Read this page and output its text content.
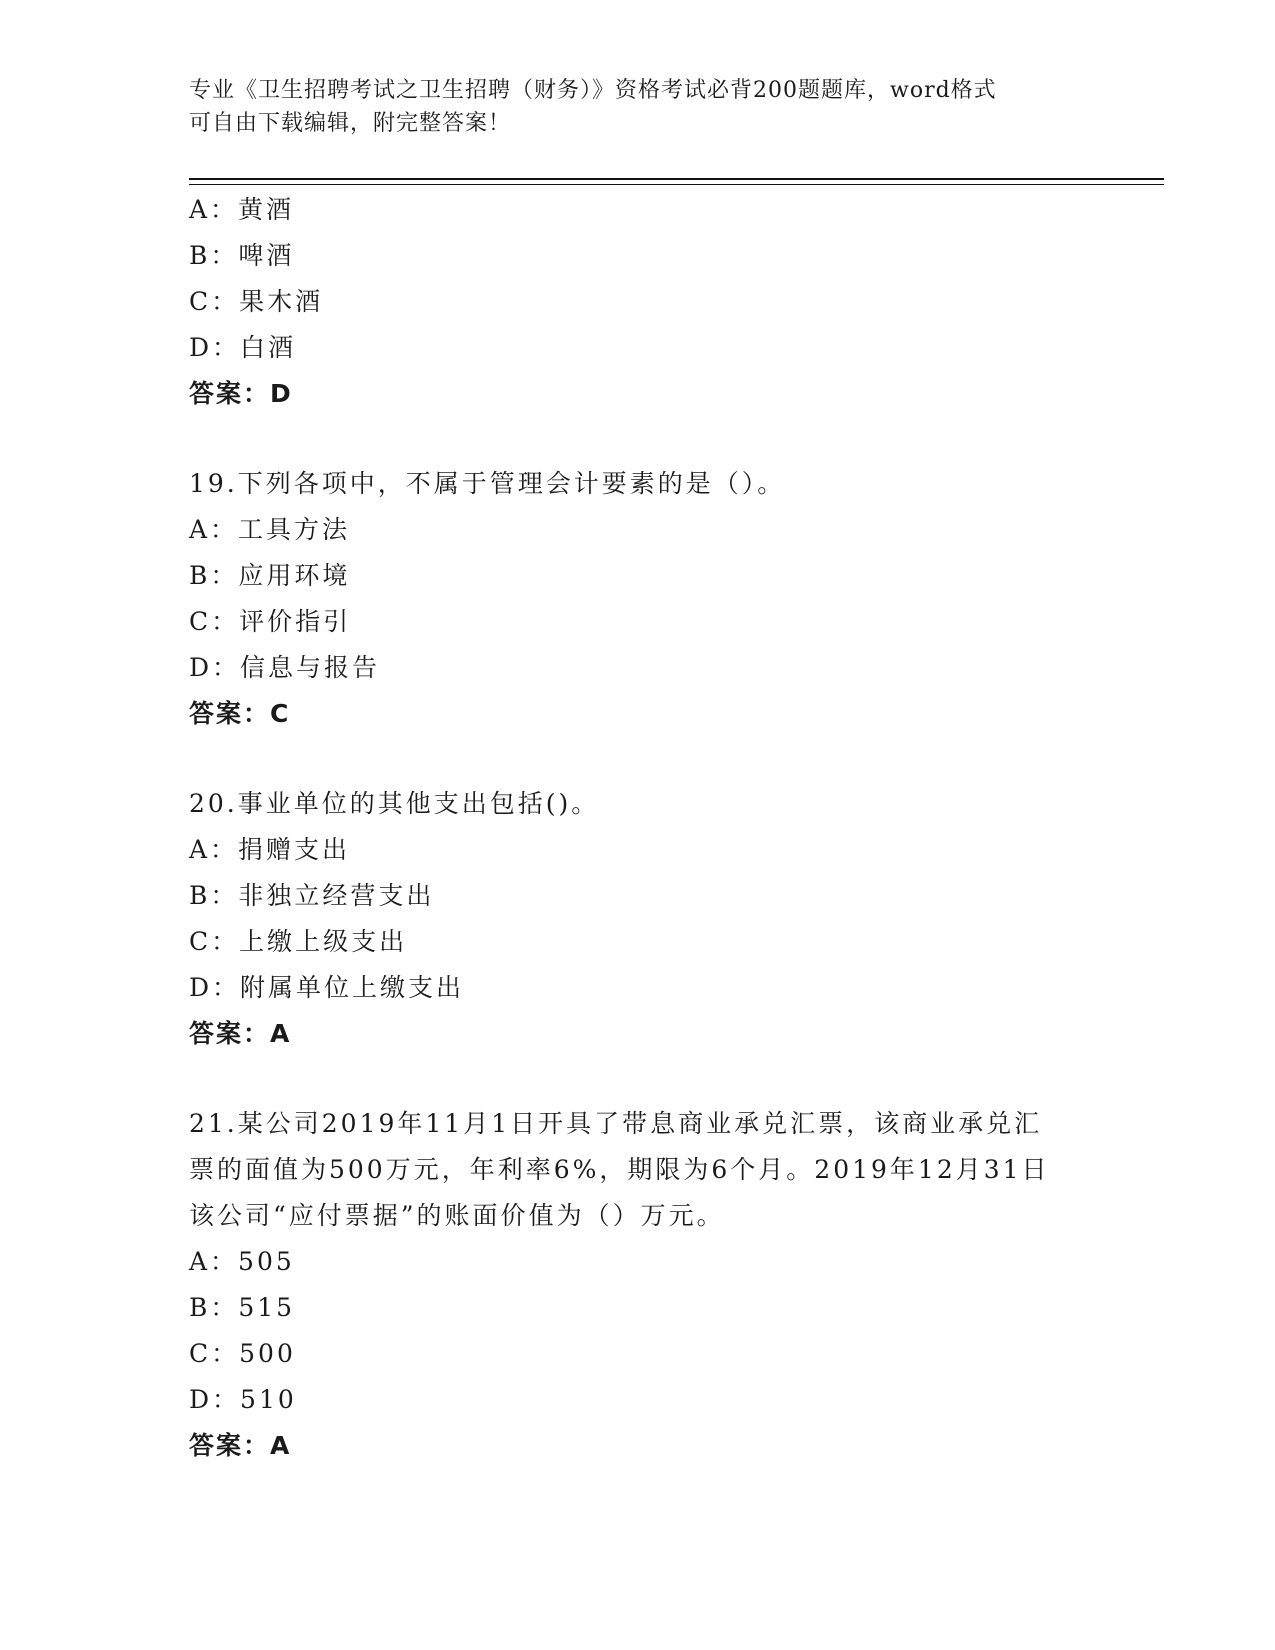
专业《卫生招聘考试之卫生招聘（财务）》资格考试必背200题题库，word格式
可自由下载编辑，附完整答案！
A：黄酒
B：啤酒
C：果木酒
D：白酒
答案：D
19.下列各项中，不属于管理会计要素的是（）。
A：工具方法
B：应用环境
C：评价指引
D：信息与报告
答案：C
20.事业单位的其他支出包括()。
A：捐赠支出
B：非独立经营支出
C：上缴上级支出
D：附属单位上缴支出
答案：A
21.某公司2019年11月1日开具了带息商业承兑汇票，该商业承兑汇
票的面值为500万元，年利率6%，期限为6个月。2019年12月31日
该公司“应付票据”的账面价值为（）万元。
A：505
B：515
C：500
D：510
答案：A
